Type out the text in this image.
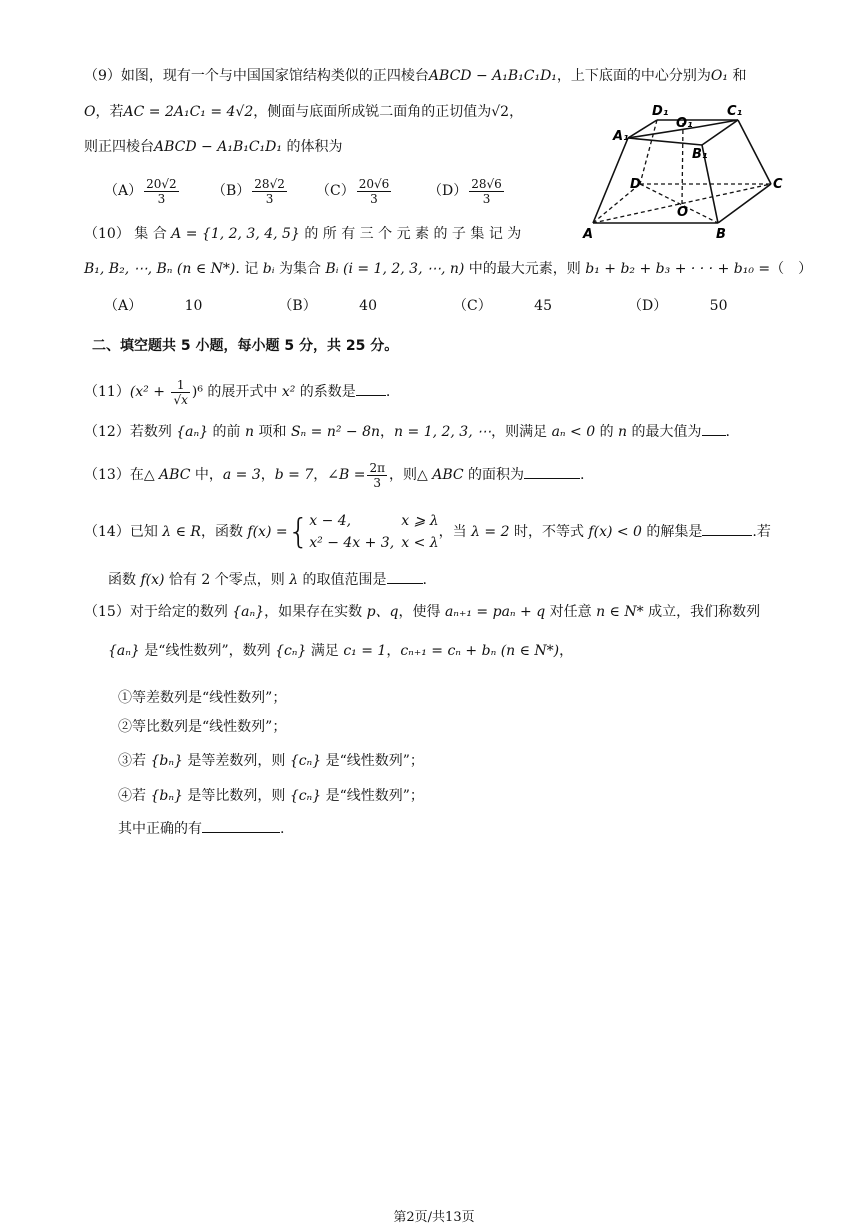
（9）如图，现有一个与中国国家馆结构类似的正四棱台ABCD − A₁B₁C₁D₁，上下底面的中心分别为O₁ 和
O，若AC = 2A₁C₁ = 4√2，侧面与底面所成锐二面角的正切值为√2，
则正四棱台ABCD − A₁B₁C₁D₁ 的体积为
$(A) \frac{20√2}{3} (B) \frac{28√2}{3} (C) \frac{20√6}{3}$	$(D) \frac{28√6}{3}$
D₁
O₁
C₁
A₁
B₁
D	C
O
A	B
（10） 集 合 A = {1, 2, 3, 4, 5} 的 所 有 三 个 元 素 的 子 集 记 为
B₁, B₂, ⋯, Bₙ (n ∈ N*). 记 bᵢ 为集合 Bᵢ (i = 1, 2, 3, ⋯, n) 中的最大元素，则 b₁ + b₂ + b₃ + · · · + b₁₀ =（　）
（A）	10	（B）	40	（C）	45	（D）	50
二、填空题共 5 小题，每小题 5 分，共 25 分。
$(11)(x^2 + \frac{1}{√x} )^6$ 的展开式中 x² 的系数是 .
（12）若数列 {aₙ} 的前 n 项和 Sₙ = n² − 8n，n = 1, 2, 3, ⋯，则满足 aₙ < 0 的 n 的最大值为 .
（13）在△ ABC 中，a = 3，b = 7，∠B = $\frac{2\pi}{3}$ ，则△ ABC 的面积为	.
（14）已知 λ ∈ R，函数 f(x) ={ x − 4,	x ⩾ λ
x² − 4x + 3, x < λ
，当 λ = 2 时，不等式 f(x) < 0 的解集是	.若
函数 f(x) 恰有 2 个零点，则 λ 的取值范围是	.
（15）对于给定的数列 {aₙ}，如果存在实数 p、q，使得 aₙ₊₁ = paₙ + q 对任意 n ∈ N* 成立，我们称数列
{aₙ} 是“线性数列”，数列 {cₙ} 满足 c₁ = 1，cₙ₊₁ = cₙ + bₙ (n ∈ N*)，
①等差数列是“线性数列”；
②等比数列是“线性数列”；
③若 {bₙ} 是等差数列，则 {cₙ} 是“线性数列”；
④若 {bₙ} 是等比数列，则 {cₙ} 是“线性数列”；
其中正确的有	.
第2页/共13页
